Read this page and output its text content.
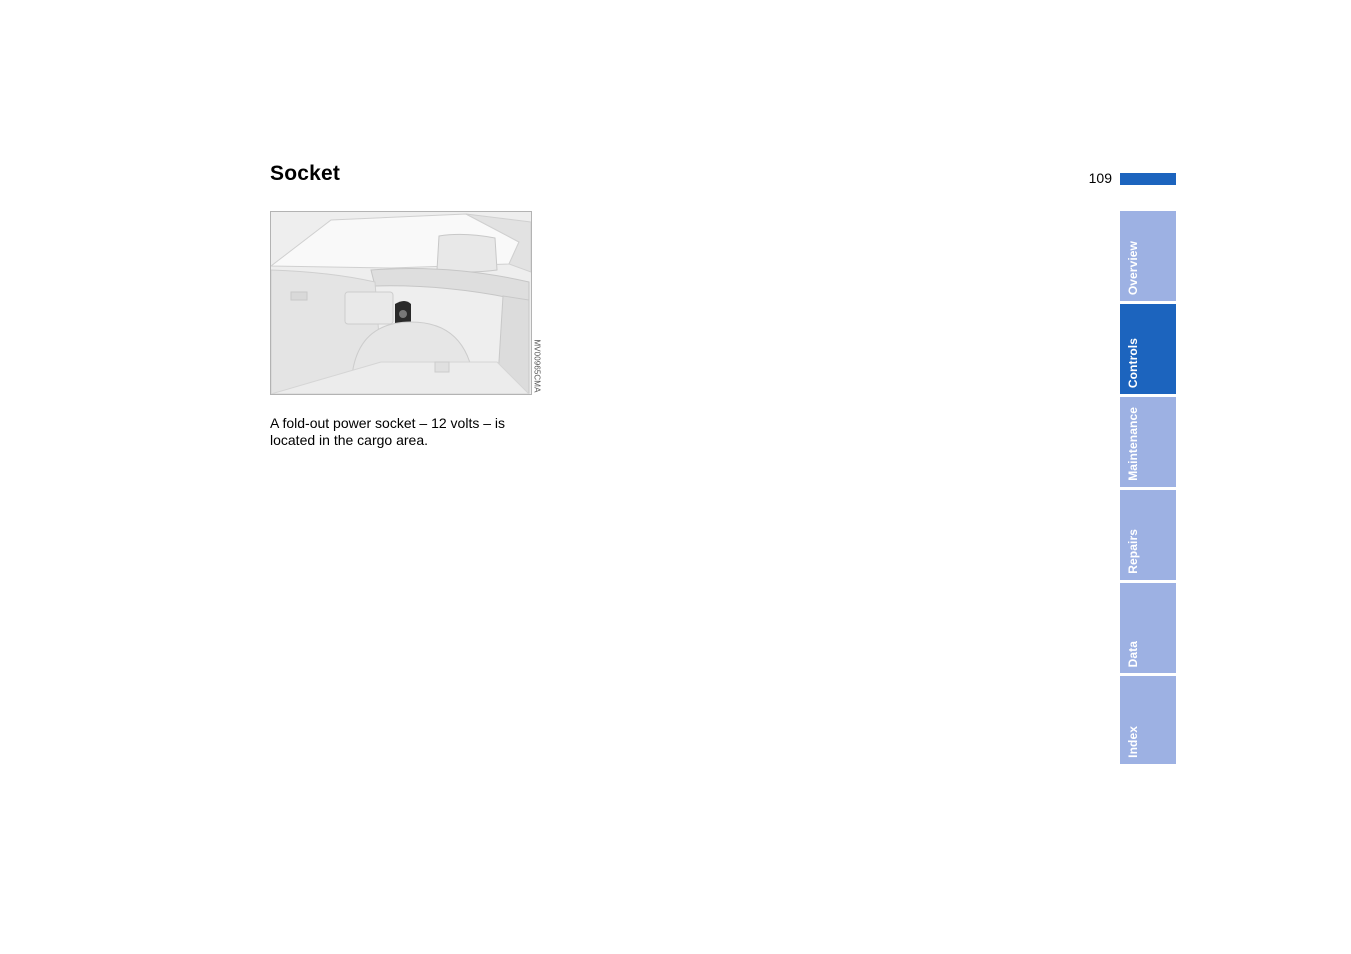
Socket	109
MV00965CMA

A fold-out power socket – 12 volts – is located in the cargo area.

Overview
Controls
Maintenance
Repairs
Data
Index
